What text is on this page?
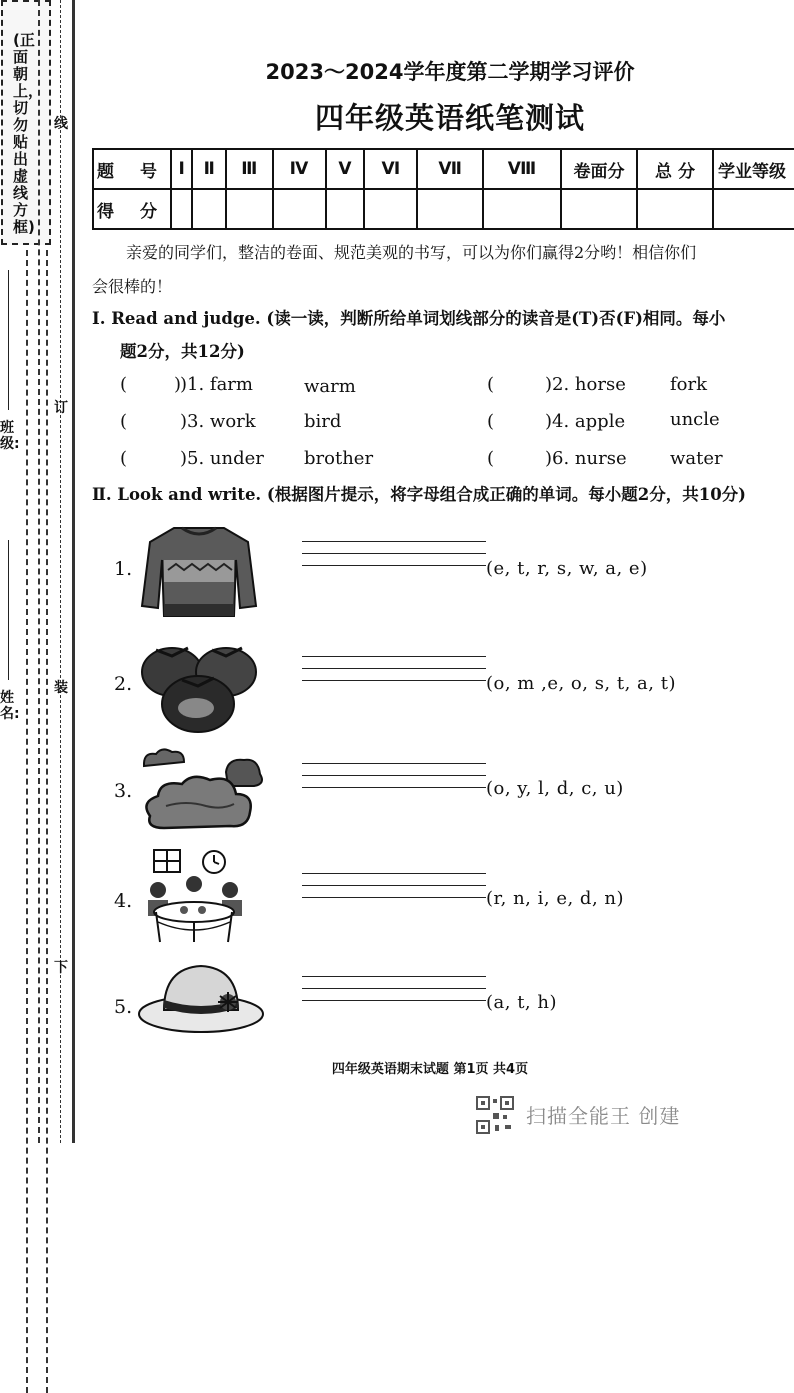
(正面朝上，切勿贴出虚线方框)
线
订
装
下
班级:
姓名:
2023～2024学年度第二学期学习评价
四年级英语纸笔测试
题 号	Ⅰ	Ⅱ	Ⅲ	Ⅳ	Ⅴ	Ⅵ	Ⅶ	Ⅷ	卷面分	总 分	学业等级
得 分											
亲爱的同学们，整洁的卷面、规范美观的书写，可以为你们赢得2分哟！相信你们
会很棒的！
Ⅰ. Read and judge. (读一读，判断所给单词划线部分的读音是(T)否(F)相同。每小
题2分，共12分)
(	)1. farm	warm	(	)2. horse fork
(	)3. work	bird	(	)4. apple uncle
(	)5. under brother	(	)6. nurse water
)
Ⅱ. Look and write. (根据图片提示，将字母组合成正确的单词。每小题2分，共10分)
1.	(e, t, r, s, w, a, e)
2.	(o, m ,e, o, s, t, a, t)
3.	(o, y, l, d, c, u)
4.	(r, n, i, e, d, n)
5.	(a, t, h)
四年级英语期末试题 第1页 共4页
扫描全能王 创建
